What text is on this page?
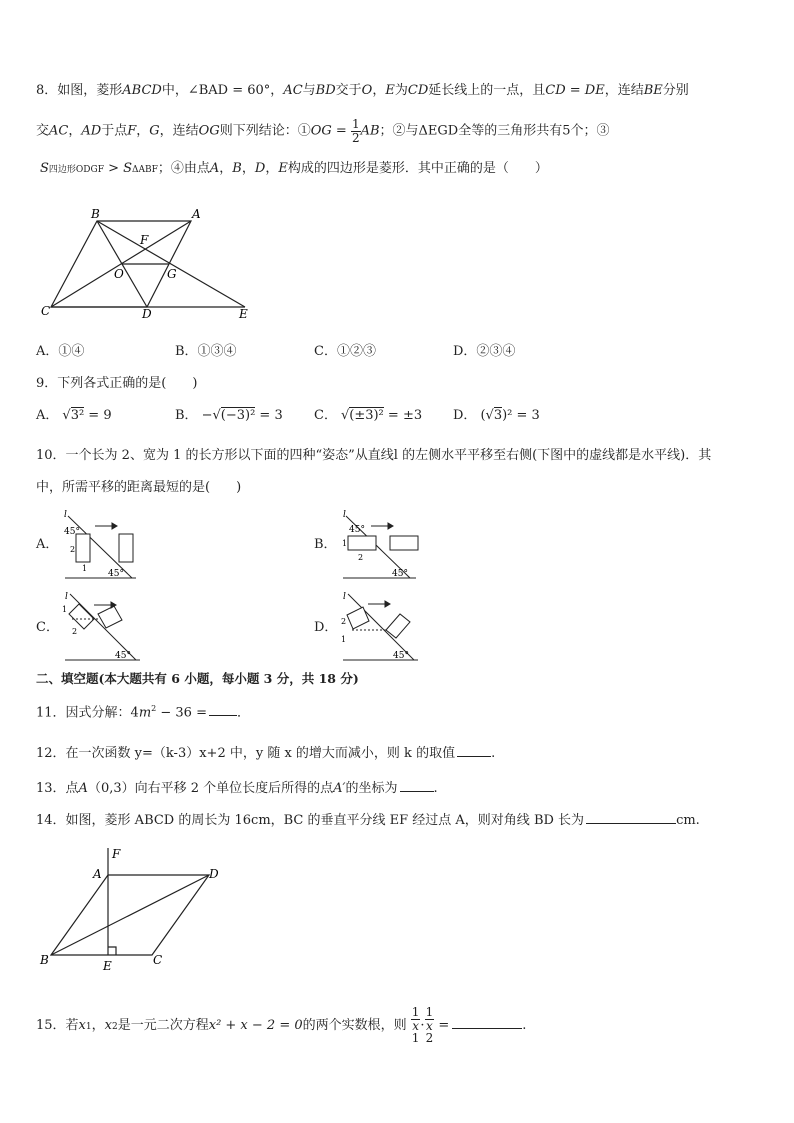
8．如图，菱形ABCD中，∠BAD = 60°，AC与BD交于O，E为CD延长线上的一点，且CD = DE，连结BE分别
交AC，AD于点F，G，连结OG则下列结论：①OG = $\frac{1}{2}$ AB；②与ΔEGD全等的三角形共有5个；③
S四边形ODGF > SΔABF；④由点A，B，D，E构成的四边形是菱形．其中正确的是（　　）
B	A
F
O	G
C	D	E
A．①④	B．①③④	C．①②③	D．②③④
9．下列各式正确的是(　　)
A． √3² = 9	B． −√(−3)² = 3 C． √(±3)² = ±3 D． (√3)² = 3
10．一个长为 2、宽为 1 的长方形以下面的四种“姿态”从直线l 的左侧水平平移至右侧(下图中的虚线都是水平线)．其
中，所需平移的距离最短的是(　　)
A．
l
45°
45°
2
1
B．
l
45°
45°
1
2
C．
l
1
2
45°
D．
l
2
1
45°
二、填空题(本大题共有 6 小题，每小题 3 分，共 18 分)
11．因式分解：$4m^2 - 36$ = ．
12．在一次函数 y=（k-3）x+2 中，y 随 x 的增大而减小，则 k 的取值	.
13．点A（0,3）向右平移 2 个单位长度后所得的点A′的坐标为	.
14．如图，菱形 ABCD 的周长为 16cm，BC 的垂直平分线 EF 经过点 A，则对角线 BD 长为	cm.
F
A	D
B	E	C
15．若x1，x2是一元二次方程x² + x − 2 = 0的两个实数根，则 1
x
1 · 1
x
2 =	.
